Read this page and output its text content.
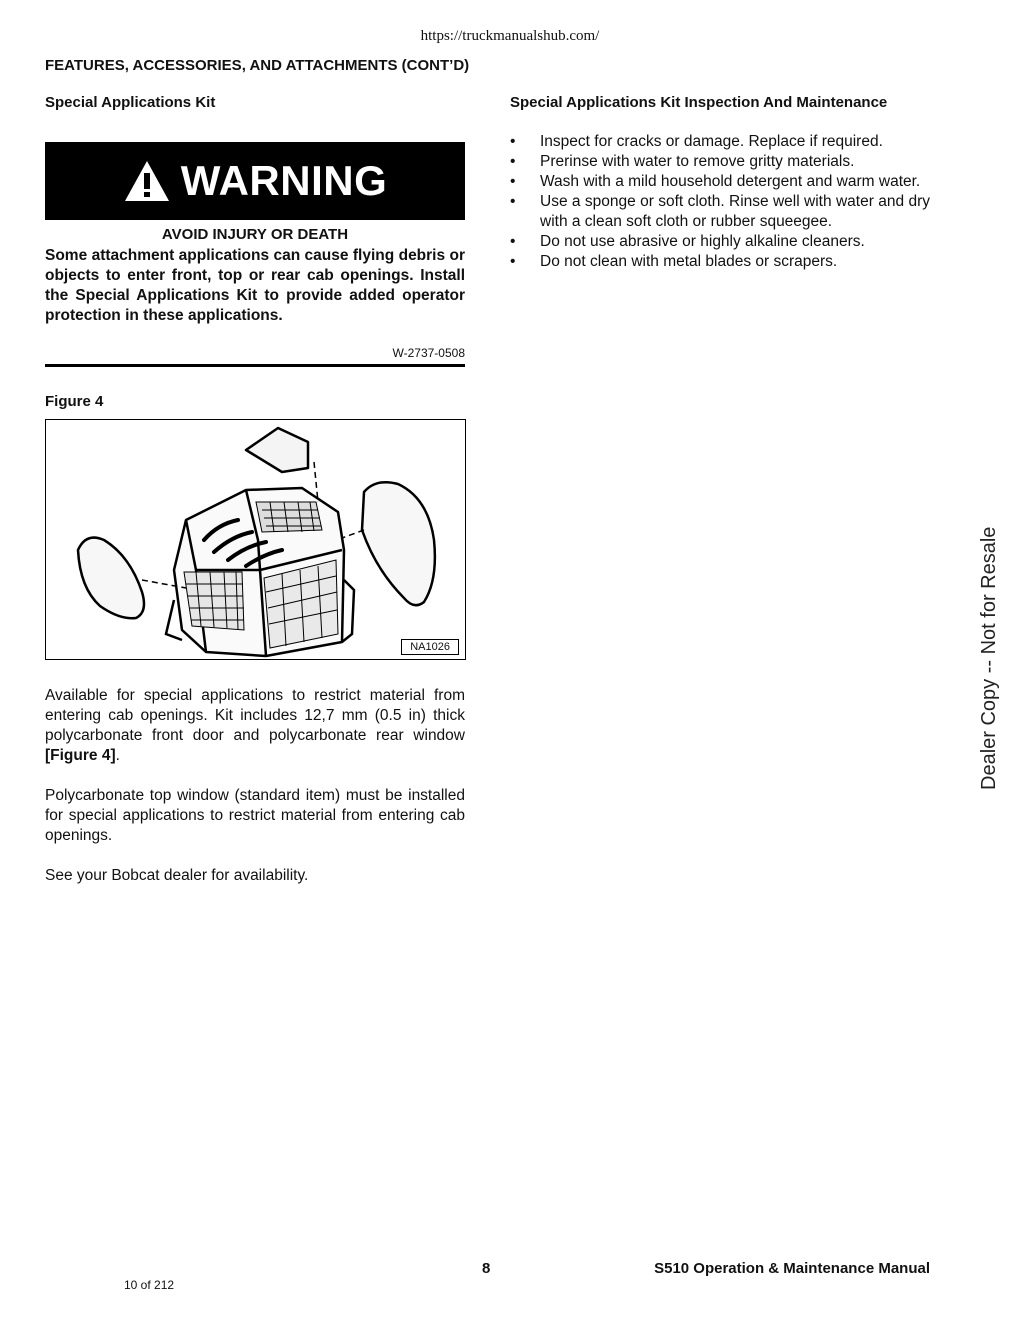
https://truckmanualshub.com/
FEATURES, ACCESSORIES, AND ATTACHMENTS (CONT’D)
Special Applications Kit	Special Applications Kit Inspection And Maintenance
WARNING
AVOID INJURY OR DEATH

Some attachment applications can cause flying debris or objects to enter front, top or rear cab openings. Install the Special Applications Kit to provide added operator protection in these applications.

W-2737-0508
Figure 4
NA1026

Available for special applications to restrict material from entering cab openings. Kit includes 12,7 mm (0.5 in) thick polycarbonate front door and polycarbonate rear window [Figure 4].

Polycarbonate top window (standard item) must be installed for special applications to restrict material from entering cab openings.

See your Bobcat dealer for availability.

• Inspect for cracks or damage. Replace if required.
• Prerinse with water to remove gritty materials.
• Wash with a mild household detergent and warm water.
• Use a sponge or soft cloth. Rinse well with water and dry with a clean soft cloth or rubber squeegee.
• Do not use abrasive or highly alkaline cleaners.
• Do not clean with metal blades or scrapers.
Dealer Copy -- Not for Resale
8	S510 Operation & Maintenance Manual
10 of 212
